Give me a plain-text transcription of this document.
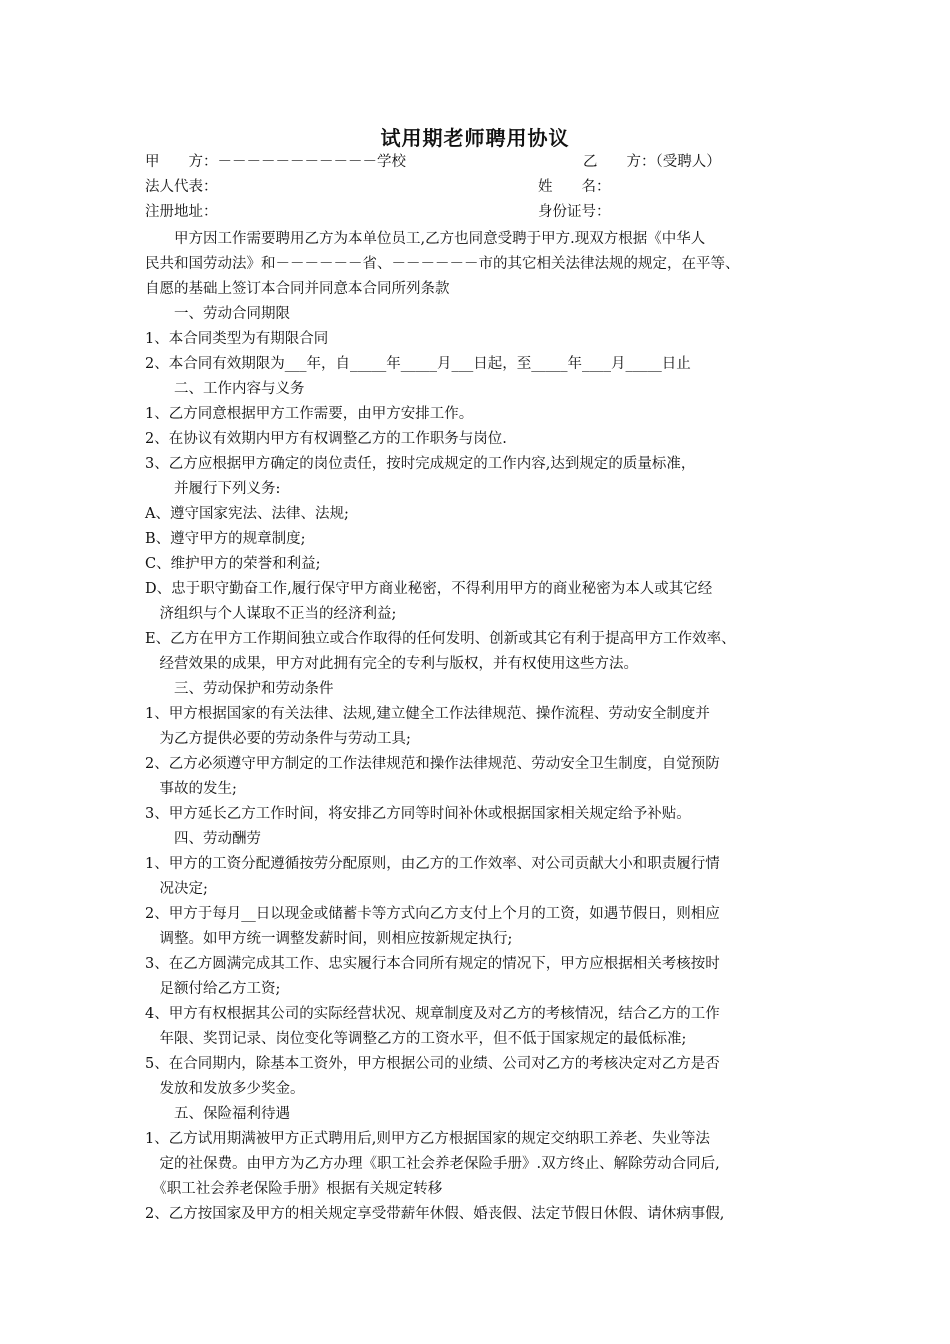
试用期老师聘用协议
甲　　方：－－－－－－－－－－－学校
法人代表：
注册地址：
乙　　方：（受聘人）
姓　　名：
身份证号：
　　甲方因工作需要聘用乙方为本单位员工,乙方也同意受聘于甲方.现双方根据《中华人
民共和国劳动法》和－－－－－－省、－－－－－－市的其它相关法律法规的规定，在平等、
自愿的基础上签订本合同并同意本合同所列条款
　　一、劳动合同期限
1、本合同类型为有期限合同
2、本合同有效期限为___年，自_____年_____月___日起，至_____年____月_____日止
　　二、工作内容与义务
1、乙方同意根据甲方工作需要，由甲方安排工作。
2、在协议有效期内甲方有权调整乙方的工作职务与岗位.
3、乙方应根据甲方确定的岗位责任，按时完成规定的工作内容,达到规定的质量标准，
　　并履行下列义务:
A、遵守国家宪法、法律、法规;
B、遵守甲方的规章制度;
C、维护甲方的荣誉和利益;
D、忠于职守勤奋工作,履行保守甲方商业秘密，不得利用甲方的商业秘密为本人或其它经
　济组织与个人谋取不正当的经济利益;
E、乙方在甲方工作期间独立或合作取得的任何发明、创新或其它有利于提高甲方工作效率、
　经营效果的成果，甲方对此拥有完全的专利与版权，并有权使用这些方法。
　　三、劳动保护和劳动条件
1、甲方根据国家的有关法律、法规,建立健全工作法律规范、操作流程、劳动安全制度并
　为乙方提供必要的劳动条件与劳动工具;
2、乙方必须遵守甲方制定的工作法律规范和操作法律规范、劳动安全卫生制度，自觉预防
　事故的发生;
3、甲方延长乙方工作时间，将安排乙方同等时间补休或根据国家相关规定给予补贴。
　　四、劳动酬劳
1、甲方的工资分配遵循按劳分配原则，由乙方的工作效率、对公司贡献大小和职责履行情
　况决定;
2、甲方于每月__日以现金或储蓄卡等方式向乙方支付上个月的工资，如遇节假日，则相应
　调整。如甲方统一调整发薪时间，则相应按新规定执行;
3、在乙方圆满完成其工作、忠实履行本合同所有规定的情况下，甲方应根据相关考核按时
　足额付给乙方工资;
4、甲方有权根据其公司的实际经营状况、规章制度及对乙方的考核情况，结合乙方的工作
　年限、奖罚记录、岗位变化等调整乙方的工资水平，但不低于国家规定的最低标准;
5、在合同期内，除基本工资外，甲方根据公司的业绩、公司对乙方的考核决定对乙方是否
　发放和发放多少奖金。
　　五、保险福利待遇
1、乙方试用期满被甲方正式聘用后,则甲方乙方根据国家的规定交纳职工养老、失业等法
　定的社保费。由甲方为乙方办理《职工社会养老保险手册》.双方终止、解除劳动合同后,
　《职工社会养老保险手册》根据有关规定转移
2、乙方按国家及甲方的相关规定享受带薪年休假、婚丧假、法定节假日休假、请休病事假,
